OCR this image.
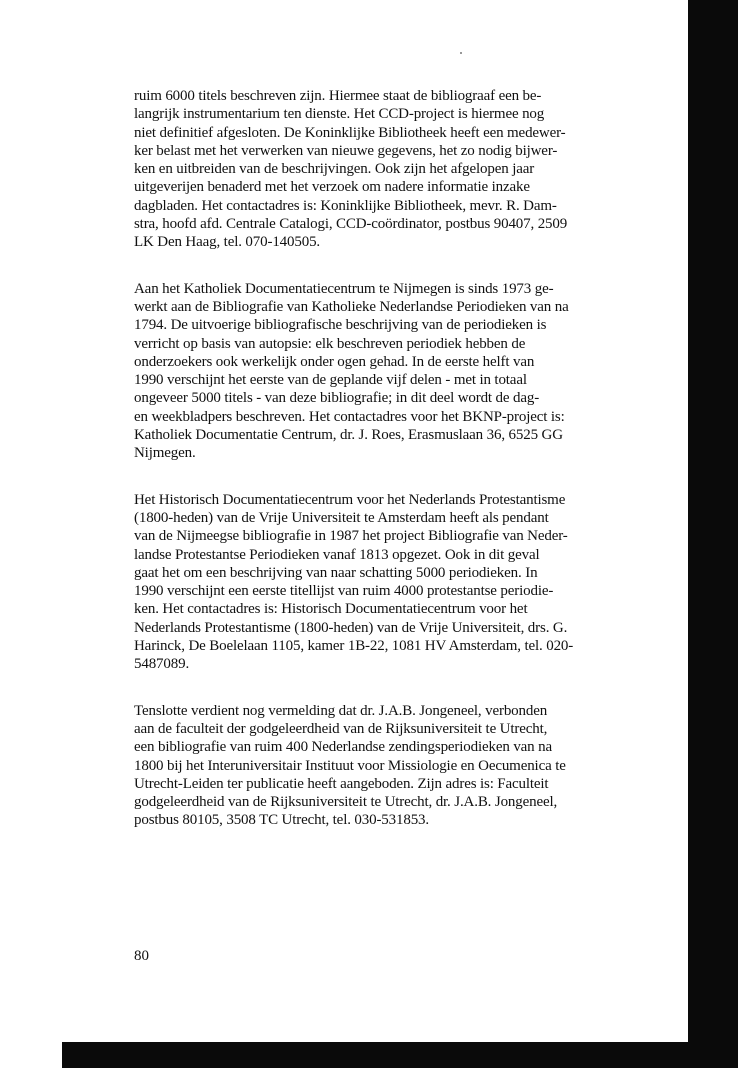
ruim 6000 titels beschreven zijn. Hiermee staat de bibliograaf een be-
langrijk instrumentarium ten dienste. Het CCD-project is hiermee nog
niet definitief afgesloten. De Koninklijke Bibliotheek heeft een medewer-
ker belast met het verwerken van nieuwe gegevens, het zo nodig bijwer-
ken en uitbreiden van de beschrijvingen. Ook zijn het afgelopen jaar
uitgeverijen benaderd met het verzoek om nadere informatie inzake
dagbladen. Het contactadres is: Koninklijke Bibliotheek, mevr. R. Dam-
stra, hoofd afd. Centrale Catalogi, CCD-coördinator, postbus 90407, 2509
LK Den Haag, tel. 070-140505.

Aan het Katholiek Documentatiecentrum te Nijmegen is sinds 1973 ge-
werkt aan de Bibliografie van Katholieke Nederlandse Periodieken van na
1794. De uitvoerige bibliografische beschrijving van de periodieken is
verricht op basis van autopsie: elk beschreven periodiek hebben de
onderzoekers ook werkelijk onder ogen gehad. In de eerste helft van
1990 verschijnt het eerste van de geplande vijf delen - met in totaal
ongeveer 5000 titels - van deze bibliografie; in dit deel wordt de dag-
en weekbladpers beschreven. Het contactadres voor het BKNP-project is:
Katholiek Documentatie Centrum, dr. J. Roes, Erasmuslaan 36, 6525 GG
Nijmegen.

Het Historisch Documentatiecentrum voor het Nederlands Protestantisme
(1800-heden) van de Vrije Universiteit te Amsterdam heeft als pendant
van de Nijmeegse bibliografie in 1987 het project Bibliografie van Neder-
landse Protestantse Periodieken vanaf 1813 opgezet. Ook in dit geval
gaat het om een beschrijving van naar schatting 5000 periodieken. In
1990 verschijnt een eerste titellijst van ruim 4000 protestantse periodie-
ken. Het contactadres is: Historisch Documentatiecentrum voor het
Nederlands Protestantisme (1800-heden) van de Vrije Universiteit, drs. G.
Harinck, De Boelelaan 1105, kamer 1B-22, 1081 HV Amsterdam, tel. 020-
5487089.

Tenslotte verdient nog vermelding dat dr. J.A.B. Jongeneel, verbonden
aan de faculteit der godgeleerdheid van de Rijksuniversiteit te Utrecht,
een bibliografie van ruim 400 Nederlandse zendingsperiodieken van na
1800 bij het Interuniversitair Instituut voor Missiologie en Oecumenica te
Utrecht-Leiden ter publicatie heeft aangeboden. Zijn adres is: Faculteit
godgeleerdheid van de Rijksuniversiteit te Utrecht, dr. J.A.B. Jongeneel,
postbus 80105, 3508 TC Utrecht, tel. 030-531853.

80
